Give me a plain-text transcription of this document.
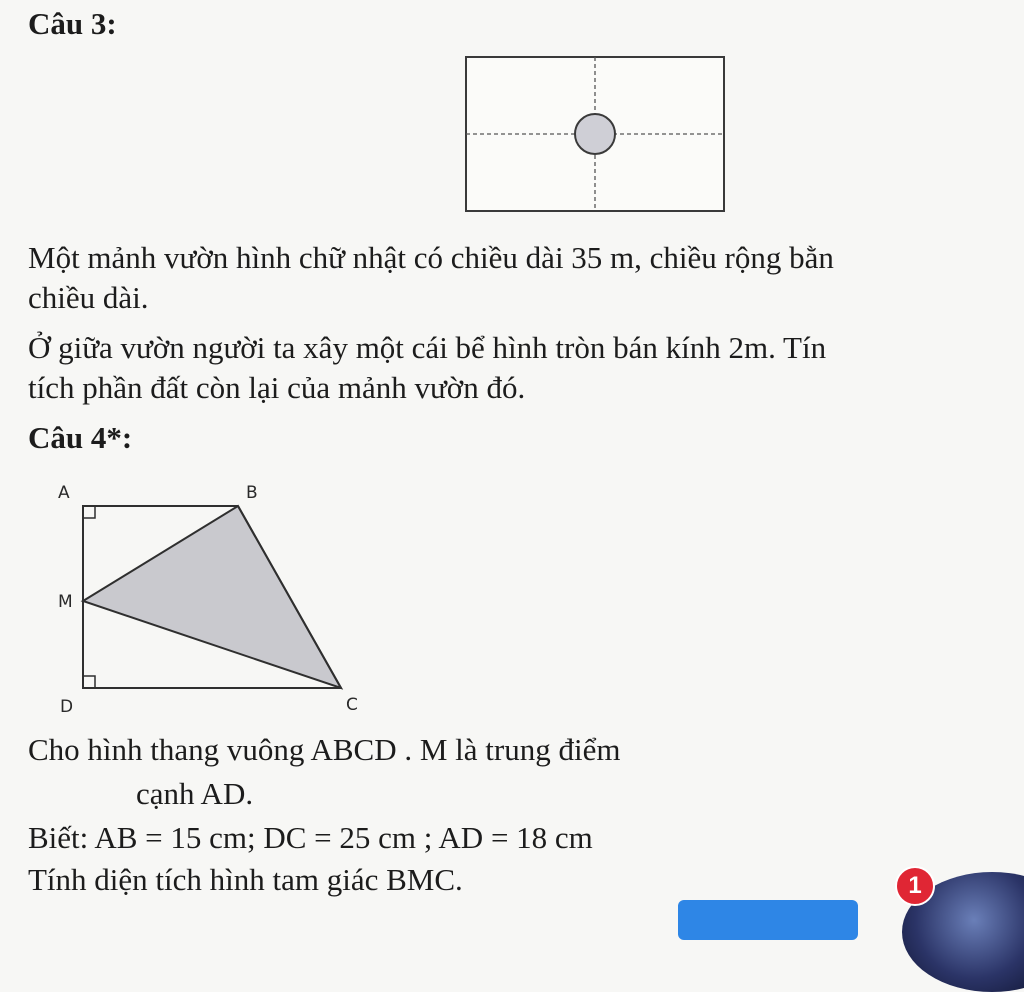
Câu 3:
Một mảnh vườn hình chữ nhật có chiều dài 35 m, chiều rộng bằn
chiều dài.
Ở giữa vườn người ta xây một cái bể hình tròn bán kính 2m. Tín
tích phần đất còn lại của mảnh vườn đó.
Câu 4*:
A	B
M
D	C
Cho hình thang vuông ABCD . M là trung điểm
cạnh AD.
Biết: AB = 15 cm; DC = 25 cm ; AD = 18 cm
Tính diện tích hình tam giác BMC.	1
